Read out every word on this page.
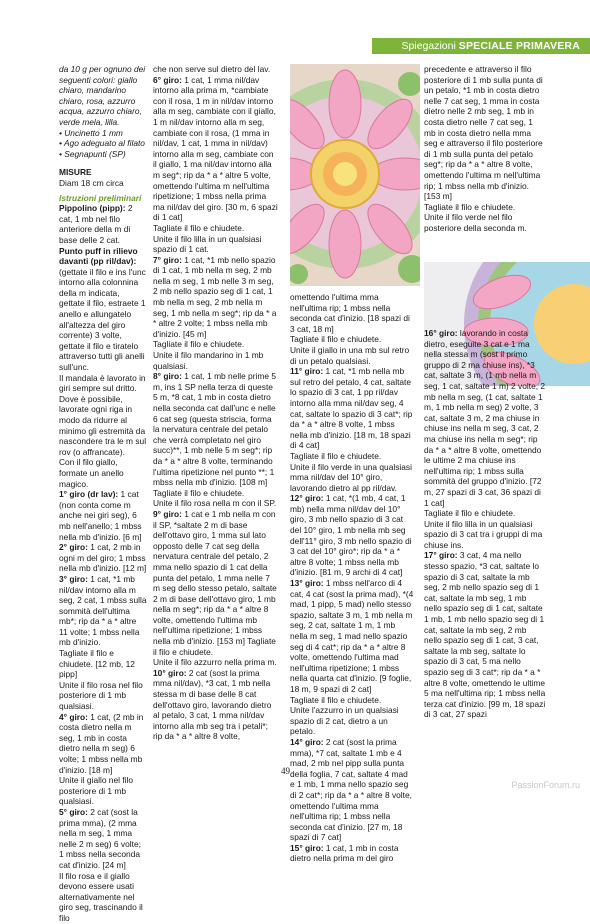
Spiegazioni SPECIALE PRIMAVERA

da 10 g per ognuno dei seguenti colori: giallo chiaro, mandarino chiaro, rosa, azzurro acqua, azzurro chiaro, verde mela, lilla.

• Uncinetto 1 mm

• Ago adeguato al filato

• Segnapunti (SP)

MISURE

Diam 18 cm circa

Istruzioni preliminari

Pippolino (pipp): 2 cat, 1 mb nel filo anteriore della m di base delle 2 cat.

Punto puff in rilievo davanti (pp ril/dav): (gettate il filo e ins l'unc intorno alla colonnina della m indicata, gettate il filo, estraete 1 anello e allungatelo all'altezza del giro corrente) 3 volte, gettate il filo e tiratelo attraverso tutti gli anelli sull'unc.

Il mandala è lavorato in giri sempre sul dritto. Dove è possibile, lavorate ogni riga in modo da ridurre al minimo gli estremità da nascondere tra le m sul rov (o affrancate).

Con il filo giallo, formate un anello magico.

1° giro (dr lav): 1 cat (non conta come m anche nei giri seg), 6 mb nell'anello; 1 mbss nella mb d'inizio. [6 m]

2° giro: 1 cat, 2 mb in ogni m del giro; 1 mbss nella mb d'inizio. [12 m]

3° giro: 1 cat, *1 mb nil/dav intorno alla m seg, 2 cat, 1 mbss sulla sommità dell'ultima mb*; rip da * a * altre 11 volte; 1 mbss nella mb d'inizio.

Tagliate il filo e chiudete. [12 mb, 12 pipp]

Unite il filo rosa nel filo posteriore di 1 mb qualsiasi.

4° giro: 1 cat, (2 mb in costa dietro nella m seg, 1 mb in costa dietro nella m seg) 6 volte; 1 mbss nella mb d'inizio. [18 m]

Unite il giallo nel filo posteriore di 1 mb qualsiasi.

5° giro: 2 cat (sost la prima mma), (2 mma nella m seg, 1 mma nelle 2 m seg) 6 volte; 1 mbss nella seconda cat d'inizio. [24 m]

Il filo rosa e il giallo devono essere usati alternativamente nel giro seg, trascinando il filo

che non serve sul dietro del lav.

6° giro: 1 cat, 1 mma nil/dav intorno alla prima m, *cambiate con il rosa, 1 m in nil/dav intorno alla m seg, cambiate con il giallo, 1 m nil/dav intorno alla m seg, cambiate con il rosa, (1 mma in nil/dav, 1 cat, 1 mma in nil/dav) intorno alla m seg, cambiate con il giallo, 1 ma nil/dav intorno alla m seg*; rip da * a * altre 5 volte, omettendo l'ultima m nell'ultima ripetizione; 1 mbss nella prima ma nil/dav del giro. [30 m, 6 spazi di 1 cat]

Tagliate il filo e chiudete.

Unite il filo lilla in un qualsiasi spazio di 1 cat.

7° giro: 1 cat, *1 mb nello spazio di 1 cat, 1 mb nella m seg, 2 mb nella m seg, 1 mb nelle 3 m seg, 2 mb nello spazio seg di 1 cat, 1 mb nella m seg, 2 mb nella m seg, 1 mb nella m seg*; rip da * a * altre 2 volte; 1 mbss nella mb d'inizio. [45 m]

Tagliate il filo e chiudete.

Unite il filo mandarino in 1 mb qualsiasi.

8° giro: 1 cat, 1 mb nelle prime 5 m, ins 1 SP nella terza di queste 5 m, *8 cat, 1 mb in costa dietro nella seconda cat dall'unc e nelle 6 cat seg (questa striscia, forma la nervatura centrale del petalo che verrà completato nel giro succ)**, 1 mb nelle 5 m seg*; rip da * a * altre 8 volte, terminando l'ultima ripetizione nel punto **; 1 mbss nella mb d'inizio. [108 m]

Tagliate il filo e chiudete.

Unite il filo rosa nella m con il SP.

9° giro: 1 cat e 1 mb nella m con il SP, *saltate 2 m di base dell'ottavo giro, 1 mma sul lato opposto delle 7 cat seg della nervatura centrale del petalo, 2 mma nello spazio di 1 cat della punta del petalo, 1 mma nelle 7 m seg dello stesso petalo, saltate 2 m di base dell'ottavo giro, 1 mb nella m seg*; rip da * a * altre 8 volte, omettendo l'ultima mb nell'ultima ripetizione; 1 mbss nella mb d'inizio. [153 m] Tagliate il filo e chiudete.

Unite il filo azzurro nella prima m.

10° giro: 2 cat (sost la prima mma nil/dav), *3 cat, 1 mb nella stessa m di base delle 8 cat dell'ottavo giro, lavorando dietro al petalo, 3 cat, 1 mma nil/dav intorno alla mb seg tra i petali*; rip da * a * altre 8 volte,

omettendo l'ultima mma nell'ultima rip; 1 mbss nella seconda cat d'inizio. [18 spazi di 3 cat, 18 m]

Tagliate il filo e chiudete.

Unite il giallo in una mb sul retro di un petalo qualsiasi.

11° giro: 1 cat, *1 mb nella mb sul retro del petalo, 4 cat, saltate lo spazio di 3 cat, 1 pp ril/dav intorno alla mma nil/dav seg, 4 cat, saltate lo spazio di 3 cat*; rip da * a * altre 8 volte, 1 mbss nella mb d'inizio. [18 m, 18 spazi di 4 cat]

Tagliate il filo e chiudete.

Unite il filo verde in una qualsiasi mma nil/dav del 10° giro, lavorando dietro al pp ril/dav.

12° giro: 1 cat, *(1 mb, 4 cat, 1 mb) nella mma nil/dav del 10° giro, 3 mb nello spazio di 3 cat del 10° giro, 1 mb nella mb seg dell'11° giro, 3 mb nello spazio di 3 cat del 10° giro*; rip da * a * altre 8 volte; 1 mbss nella mb d'inizio. [81 m, 9 archi di 4 cat]

13° giro: 1 mbss nell'arco di 4 cat, 4 cat (sost la prima mad), *(4 mad, 1 pipp, 5 mad) nello stesso spazio, saltate 3 m, 1 mb nella m seg, 2 cat, saltate 1 m, 1 mb nella m seg, 1 mad nello spazio seg di 4 cat*; rip da * a * altre 8 volte, omettendo l'ultima mad nell'ultima ripetizione; 1 mbss nella quarta cat d'inizio. [9 foglie, 18 m, 9 spazi di 2 cat]

Tagliate il filo e chiudete.

Unite l'azzurro in un qualsiasi spazio di 2 cat, dietro a un petalo.

14° giro: 2 cat (sost la prima mma), *7 cat, saltate 1 mb e 4 mad, 2 mb nel pipp sulla punta della foglia, 7 cat, saltate 4 mad e 1 mb, 1 mma nello spazio seg di 2 cat*; rip da * a * altre 8 volte, omettendo l'ultima mma nell'ultima rip; 1 mbss nella seconda cat d'inizio. [27 m, 18 spazi di 7 cat]

15° giro: 1 cat, 1 mb in costa dietro nella prima m del giro

precedente e attraverso il filo posteriore di 1 mb sulla punta di un petalo, *1 mb in costa dietro nelle 7 cat seg, 1 mma in costa dietro nelle 2 mb seg, 1 mb in costa dietro nelle 7 cat seg, 1 mb in costa dietro nella mma seg e attraverso il filo posteriore di 1 mb sulla punta del petalo seg*; rip da * a * altre 8 volte, omettendo l'ultima m nell'ultima rip; 1 mbss nella mb d'inizio. [153 m]

Tagliate il filo e chiudete.

Unite il filo verde nel filo posteriore della seconda m.

16° giro: lavorando in costa dietro, eseguite 3 cat e 1 ma nella stessa m (sost il primo gruppo di 2 ma chiuse ins), *3 cat, saltate 3 m, (1 mb nella m seg, 1 cat, saltate 1 m) 2 volte, 2 mb nella m seg, (1 cat, saltate 1 m, 1 mb nella m seg) 2 volte, 3 cat, saltate 3 m, 2 ma chiuse in chiuse ins nella m seg, 3 cat, 2 ma chiuse ins nella m seg*; rip da * a * altre 8 volte, omettendo le ultime 2 ma chiuse ins nell'ultima rip; 1 mbss sulla sommità del gruppo d'inizio. [72 m, 27 spazi di 3 cat, 36 spazi di 1 cat]

Tagliate il filo e chiudete.

Unite il filo lilla in un qualsiasi spazio di 3 cat tra i gruppi di ma chiuse ins.

17° giro: 3 cat, 4 ma nello stesso spazio, *3 cat, saltate lo spazio di 3 cat, saltate la mb seg, 2 mb nello spazio seg di 1 cat, saltate la mb seg, 1 mb nello spazio seg di 1 cat, saltate 1 mb, 1 mb nello spazio seg di 1 cat, saltate la mb seg, 2 mb nello spazio seg di 1 cat, 3 cat, saltate la mb seg, saltate lo spazio di 3 cat, 5 ma nello spazio seg di 3 cat*; rip da * a * altre 8 volte, omettendo le ultime 5 ma nell'ultima rip; 1 mbss nella terza cat d'inizio. [99 m, 18 spazi di 3 cat, 27 spazi

49
PassionForum.ru
